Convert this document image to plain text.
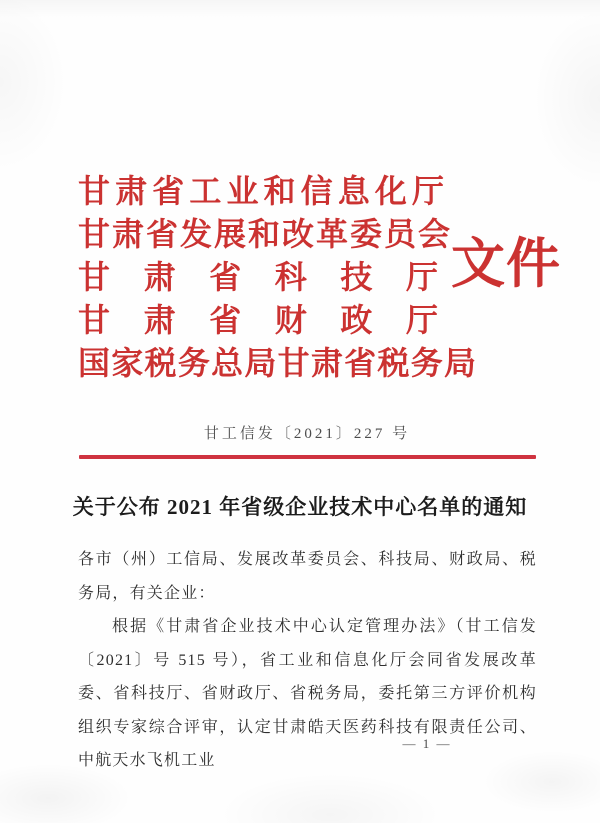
甘肃省工业和信息化厅
甘肃省发展和改革委员会
甘肃省科技厅
甘肃省财政厅
国家税务总局甘肃省税务局
文件
甘工信发〔2021〕227 号
关于公布 2021 年省级企业技术中心名单的通知

各市（州）工信局、发展改革委员会、科技局、财政局、税务局，有关企业：

根据《甘肃省企业技术中心认定管理办法》（甘工信发〔2021〕号 515 号），省工业和信息化厅会同省发展改革委、省科技厅、省财政厅、省税务局，委托第三方评价机构组织专家综合评审，认定甘肃皓天医药科技有限责任公司、中航天水飞机工业

— 1 —
